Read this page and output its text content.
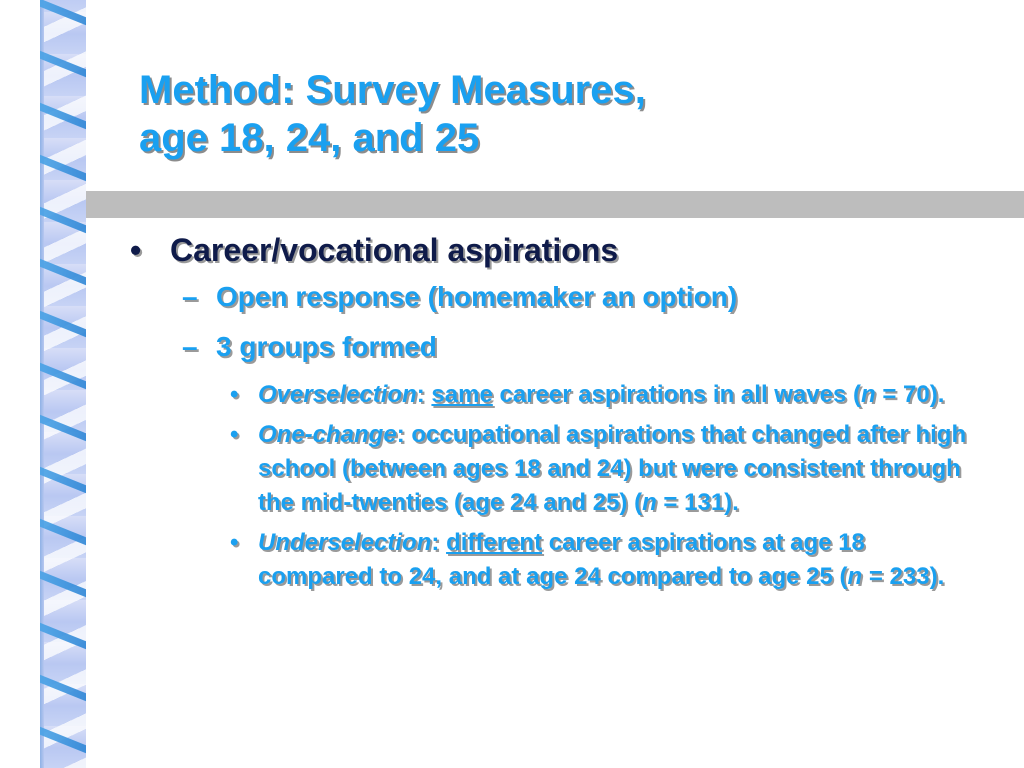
Method: Survey Measures,
age 18, 24, and 25
• Career/vocational aspirations
– Open response (homemaker an option)
– 3 groups formed
• Overselection: same career aspirations in all waves (n = 70).
• One-change: occupational aspirations that changed after high school (between ages 18 and 24) but were consistent through the mid-twenties (age 24 and 25) (n = 131).
• Underselection: different career aspirations at age 18 compared to 24, and at age 24 compared to age 25 (n = 233).
